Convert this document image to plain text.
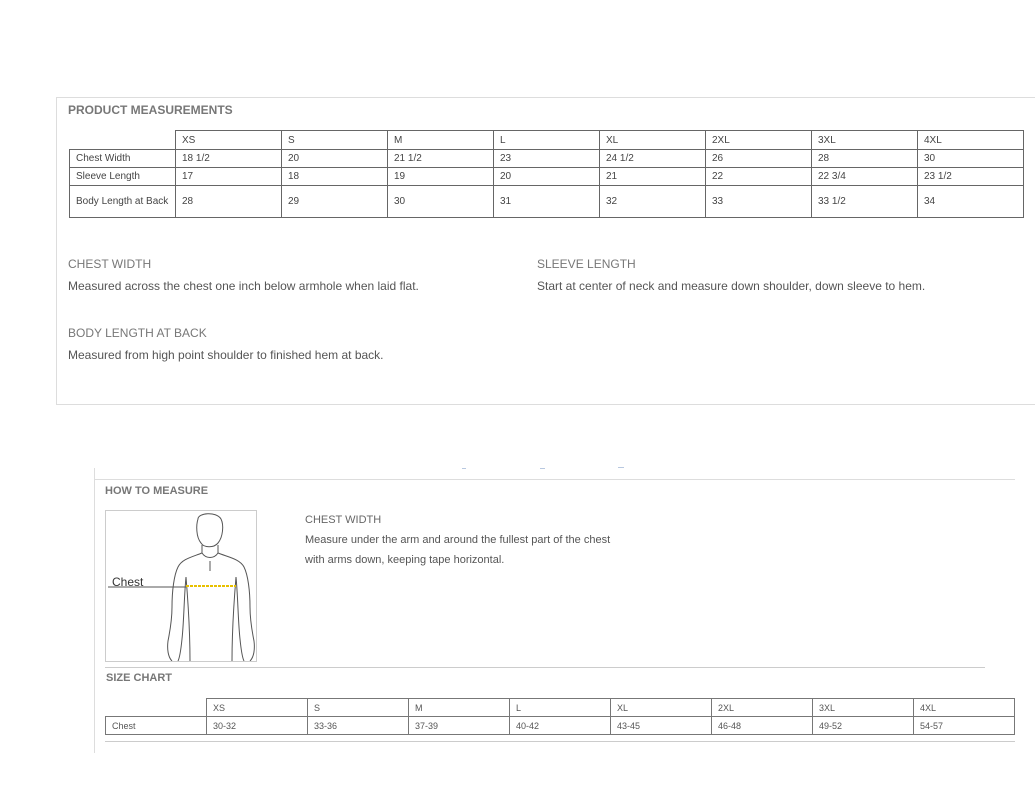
PRODUCT MEASUREMENTS
	XS	S	M	L	XL	2XL	3XL	4XL
Chest Width	18 1/2	20	21 1/2	23	24 1/2	26	28	30
Sleeve Length	17	18	19	20	21	22	22 3/4	23 1/2
Body Length at Back	28	29	30	31	32	33	33 1/2	34
CHEST WIDTH
Measured across the chest one inch below armhole when laid flat.
SLEEVE LENGTH
Start at center of neck and measure down shoulder, down sleeve to hem.
BODY LENGTH AT BACK
Measured from high point shoulder to finished hem at back.
HOW TO MEASURE
Chest
CHEST WIDTH
Measure under the arm and around the fullest part of the chest
with arms down, keeping tape horizontal.
SIZE CHART
	XS	S	M	L	XL	2XL	3XL	4XL
Chest	30-32	33-36	37-39	40-42	43-45	46-48	49-52	54-57
